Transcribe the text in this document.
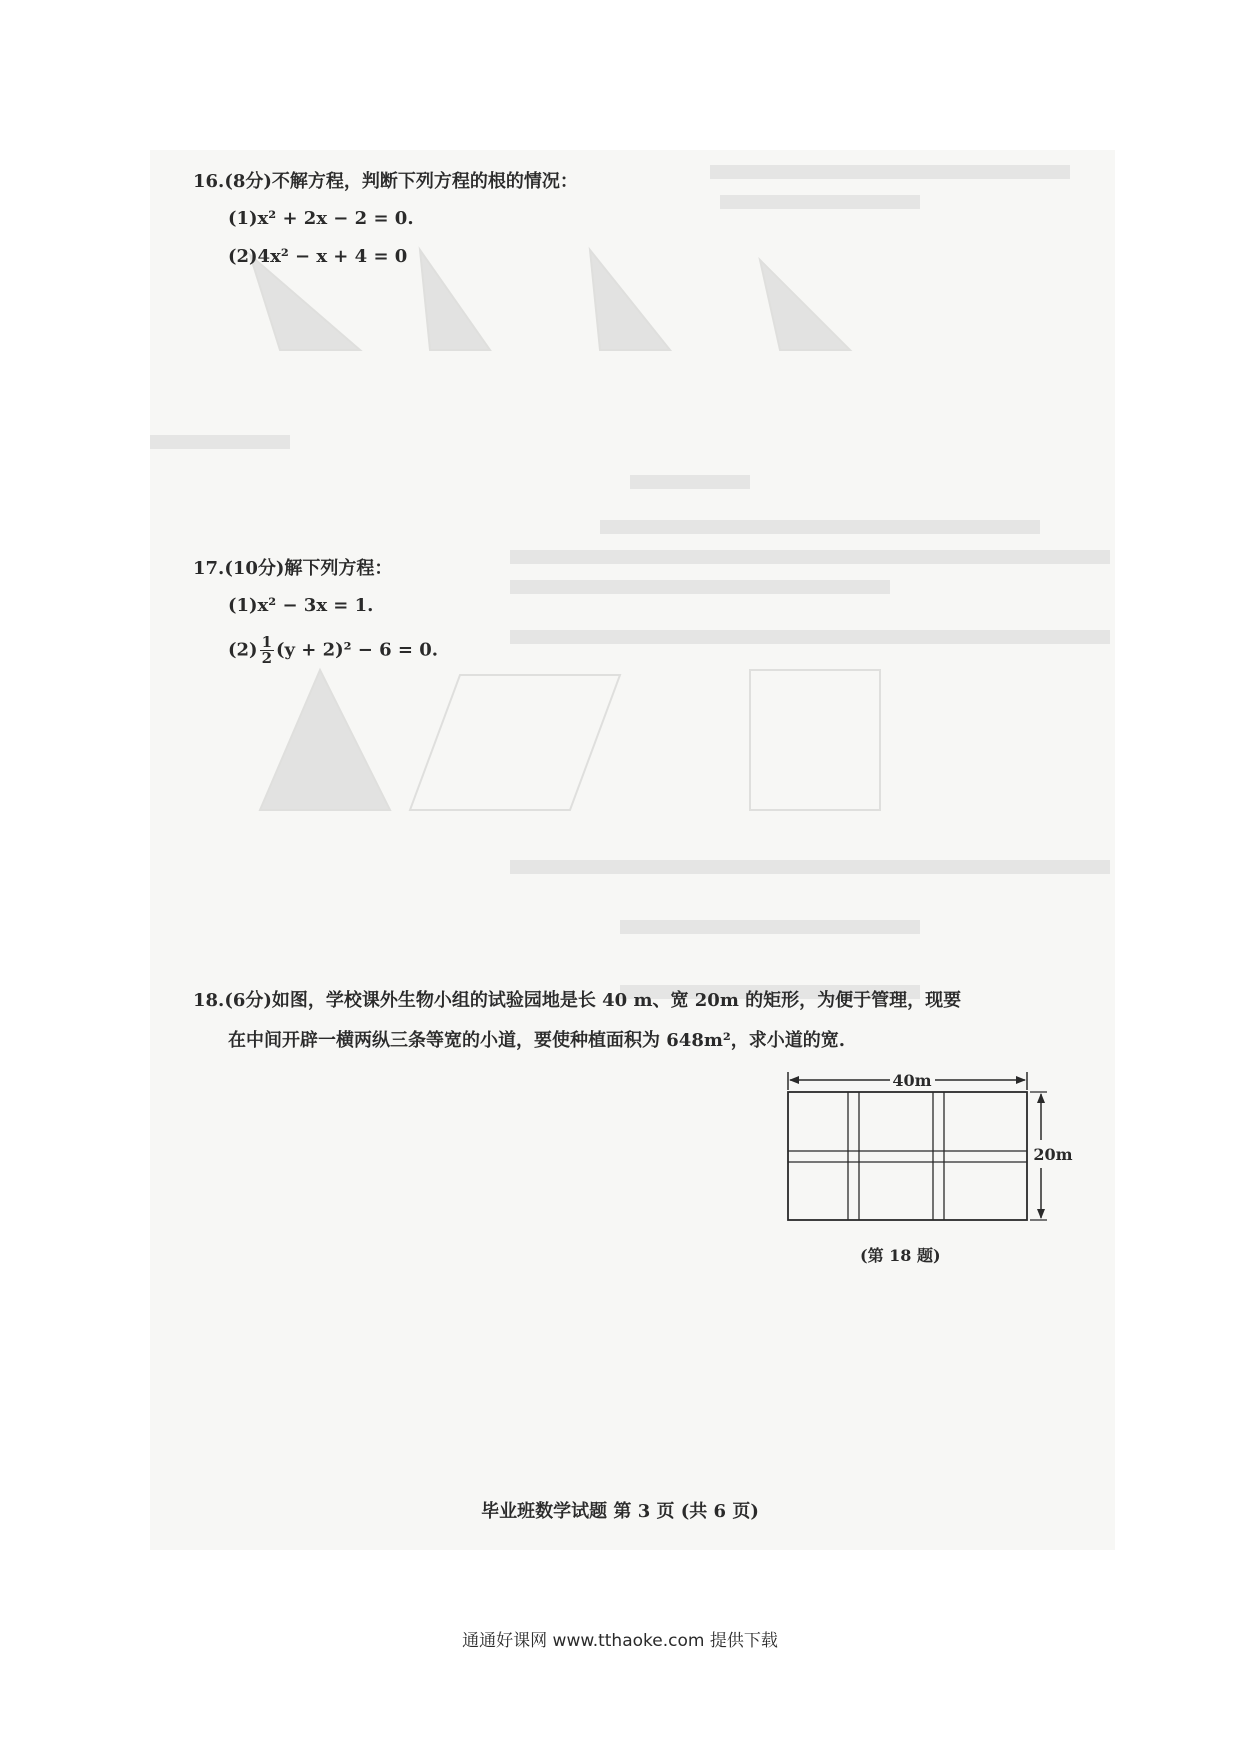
16.(8分)不解方程，判断下列方程的根的情况：
(1)x² + 2x − 2 = 0.
(2)4x² − x + 4 = 0
17.(10分)解下列方程：
(1)x² − 3x = 1.
$(2) \frac{1}{2} (y + 2)^2 - 6 = 0$.
18.(6分)如图，学校课外生物小组的试验园地是长 40 m、宽 20m 的矩形，为便于管理，现要
在中间开辟一横两纵三条等宽的小道，要使种植面积为 648m²，求小道的宽.
40m
20m
(第 18 题)
毕业班数学试题 第 3 页 (共 6 页)
通通好课网 www.tthaoke.com 提供下载
